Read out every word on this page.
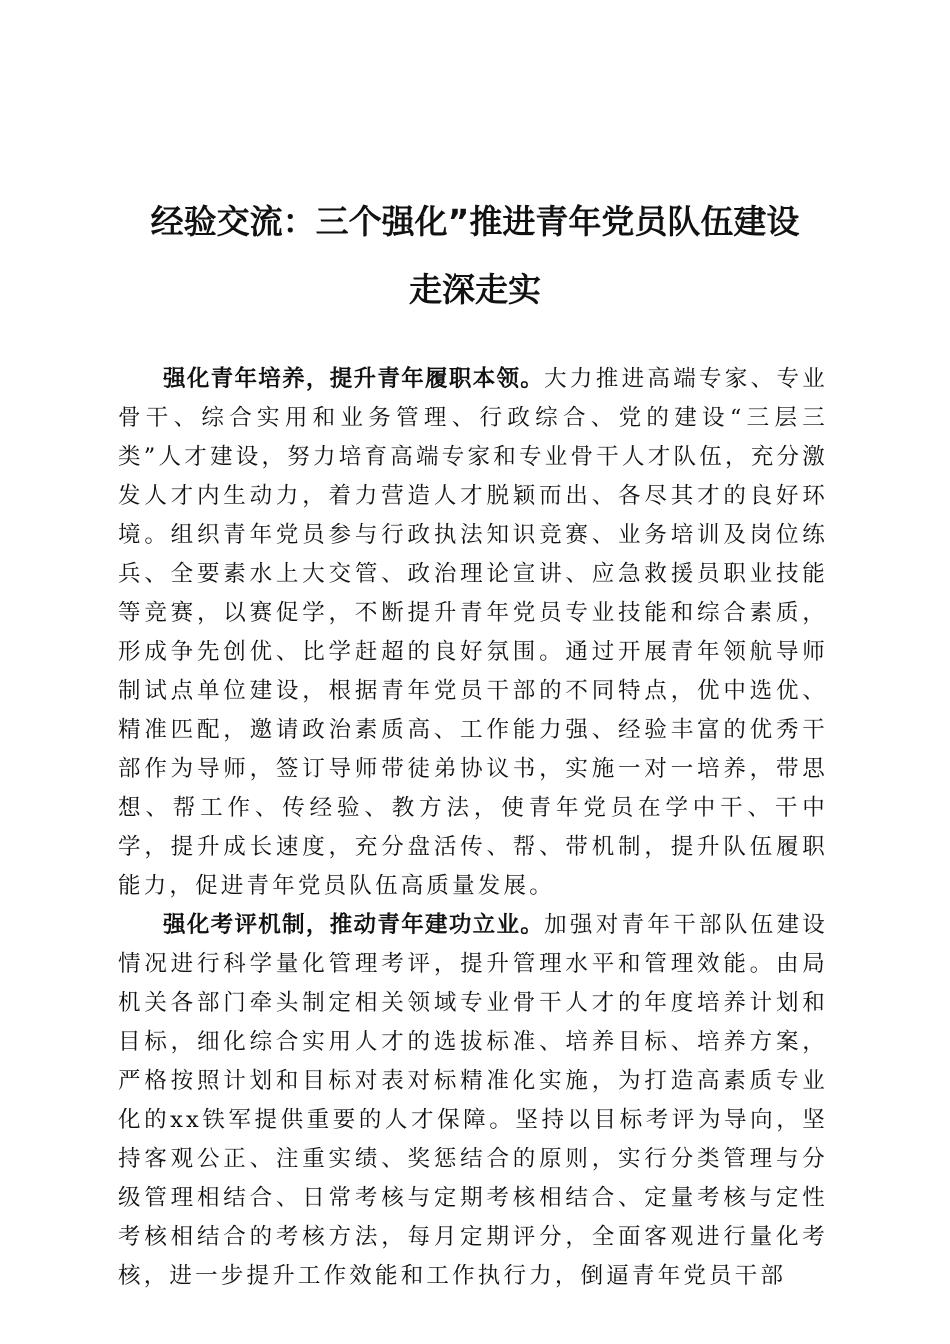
经验交流：三个强化”推进青年党员队伍建设
走深走实

强化青年培养，提升青年履职本领。大力推进高端专家、专业骨干、综合实用和业务管理、行政综合、党的建设“三层三类”人才建设，努力培育高端专家和专业骨干人才队伍，充分激发人才内生动力，着力营造人才脱颖而出、各尽其才的良好环境。组织青年党员参与行政执法知识竞赛、业务培训及岗位练兵、全要素水上大交管、政治理论宣讲、应急救援员职业技能等竞赛，以赛促学，不断提升青年党员专业技能和综合素质，形成争先创优、比学赶超的良好氛围。通过开展青年领航导师制试点单位建设，根据青年党员干部的不同特点，优中选优、精准匹配，邀请政治素质高、工作能力强、经验丰富的优秀干部作为导师，签订导师带徒弟协议书，实施一对一培养，带思想、帮工作、传经验、教方法，使青年党员在学中干、干中学，提升成长速度，充分盘活传、帮、带机制，提升队伍履职能力，促进青年党员队伍高质量发展。

强化考评机制，推动青年建功立业。加强对青年干部队伍建设情况进行科学量化管理考评，提升管理水平和管理效能。由局机关各部门牵头制定相关领域专业骨干人才的年度培养计划和目标，细化综合实用人才的选拔标准、培养目标、培养方案，严格按照计划和目标对表对标精准化实施，为打造高素质专业化的xx铁军提供重要的人才保障。坚持以目标考评为导向，坚持客观公正、注重实绩、奖惩结合的原则，实行分类管理与分级管理相结合、日常考核与定期考核相结合、定量考核与定性考核相结合的考核方法，每月定期评分，全面客观进行量化考核，进一步提升工作效能和工作执行力，倒逼青年党员干部
